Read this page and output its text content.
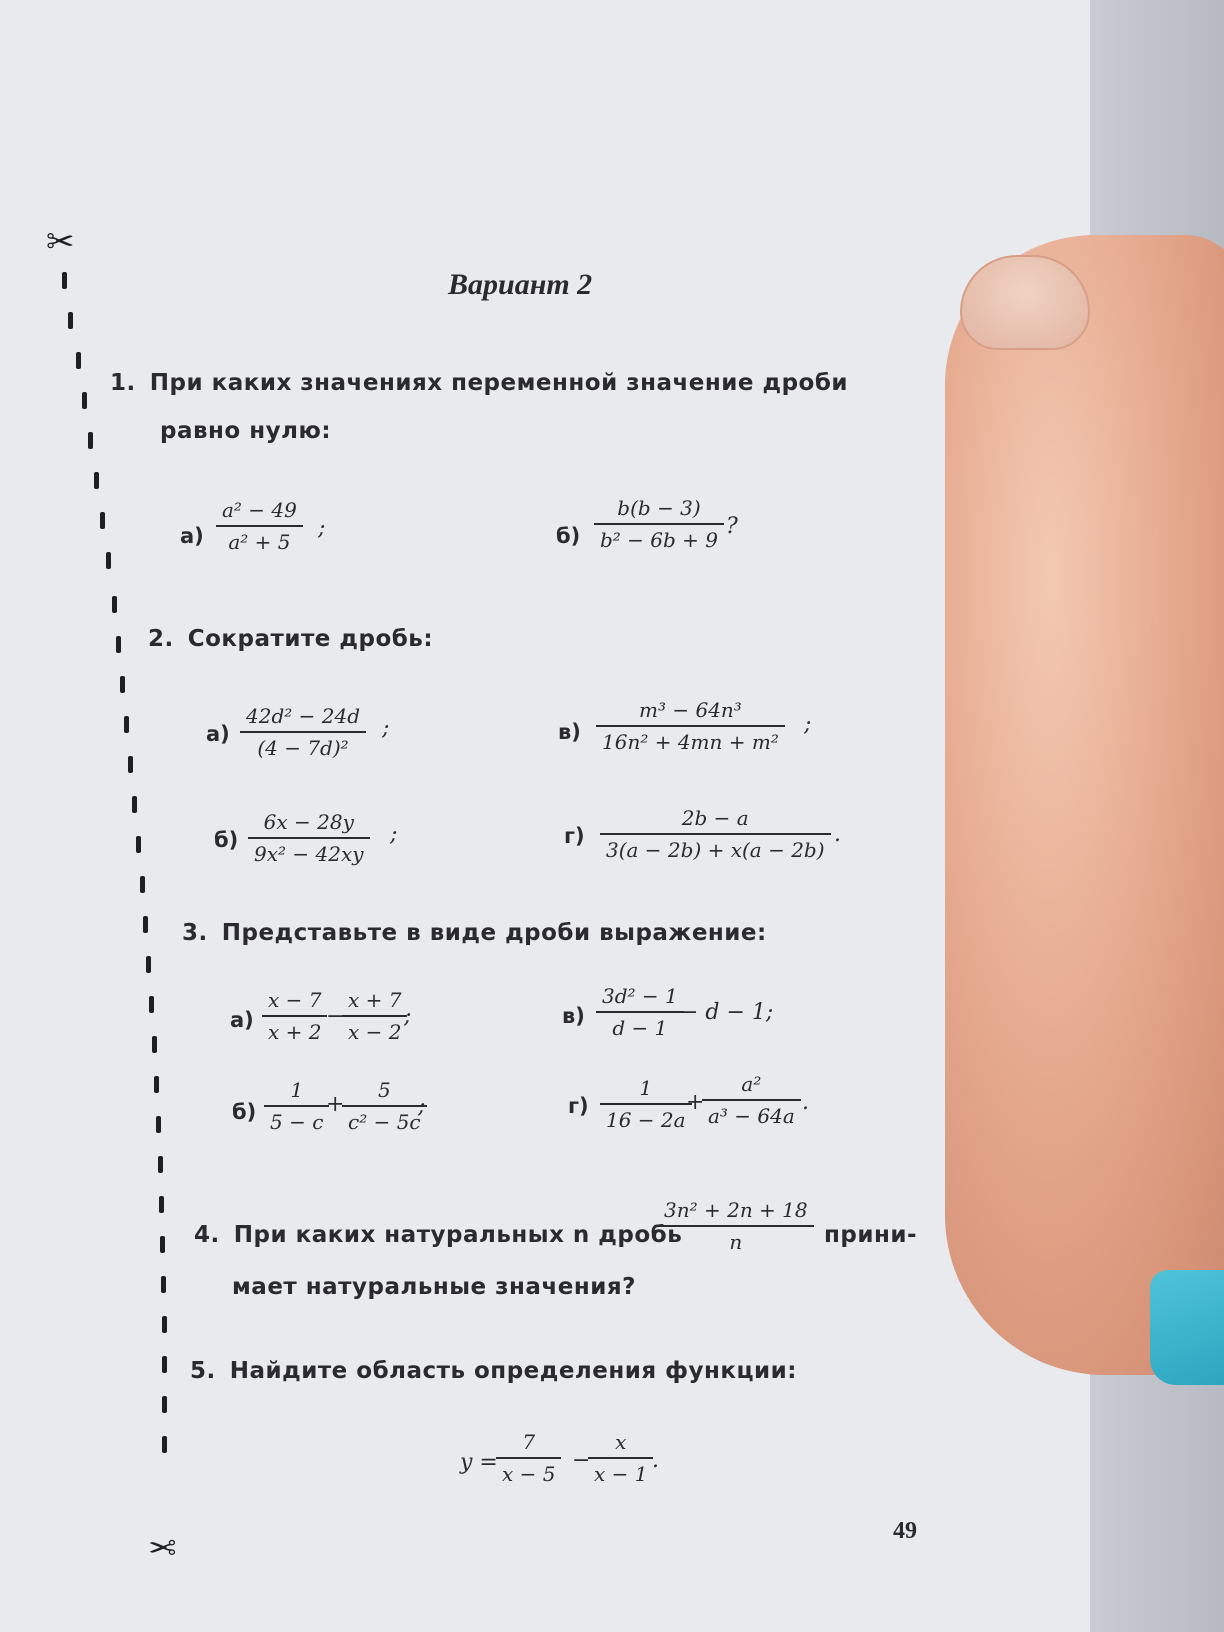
✂
✂
Вариант 2
1. При каких значениях переменной значение дроби
равно нулю:
$а) \frac{\text{a² − 49}}{\text{a² + 5}}$ ;	$б) \frac{b(b - 3)}{\text{b² − 6b + 9}}$ ?
2. Сократите дробь:
$а) \frac{\text{42d² − 24d}}{\text{(4 − 7d)²}}$ ;
$б) \frac{6x - 28y}{\text{9x² − 42xy}}$ ;
$в) \frac{\text{m³ − 64n³}}{\text{16n² + 4mn + m²}}$ ;
$г) \frac{2b - a}{3(a - 2b) + x(a - 2b)}$ .
3. Представьте в виде дроби выражение:
$а) \frac{x - 7}{x + 2}$
−
$\frac{x + 7}{x - 2}$
;
$б) \frac{1}{5 - c}$
+
$\frac{5}{\text{c² − 5c}}$
;
$в) \frac{\text{3d² − 1}}{d - 1}$
− d − 1;
$г) \frac{1}{16 - 2a}$
+
$\frac{\text{a²}}{\text{a³ − 64a}}$ .
4. При каких натуральных n дробь
$\frac{\text{3n² + 2n + 18}}{n}$ прини-
мает натуральные значения?
5. Найдите область определения функции:
y =
$\frac{7}{x - 5}$ −
$\frac{x}{x - 1}$
.
49
